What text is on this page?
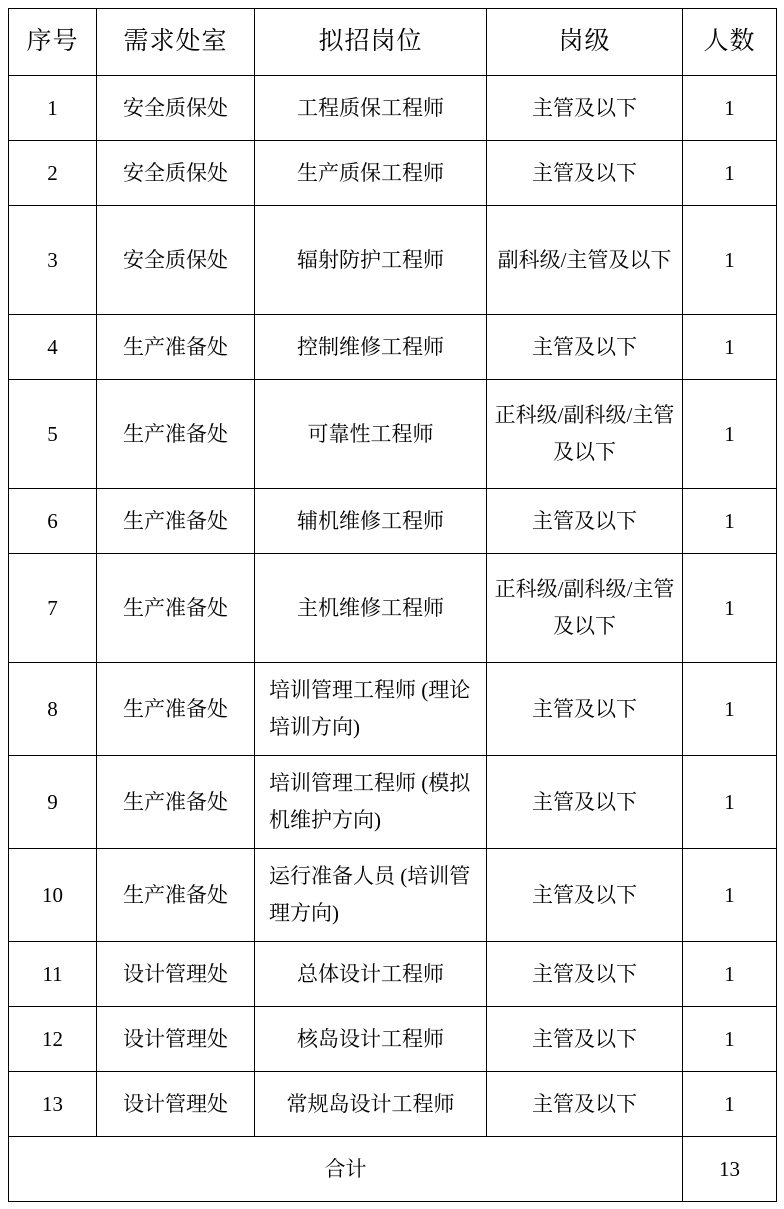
序号	需求处室	拟招岗位	岗级	人数
1	安全质保处	工程质保工程师	主管及以下	1
2	安全质保处	生产质保工程师	主管及以下	1
3	安全质保处	辐射防护工程师	副科级/主管及以下	1
4	生产准备处	控制维修工程师	主管及以下	1
5	生产准备处	可靠性工程师	正科级/副科级/主管及以下	1
6	生产准备处	辅机维修工程师	主管及以下	1
7	生产准备处	主机维修工程师	正科级/副科级/主管及以下	1
8	生产准备处	培训管理工程师 (理论培训方向)	主管及以下	1
9	生产准备处	培训管理工程师 (模拟机维护方向)	主管及以下	1
10	生产准备处	运行准备人员 (培训管理方向)	主管及以下	1
11	设计管理处	总体设计工程师	主管及以下	1
12	设计管理处	核岛设计工程师	主管及以下	1
13	设计管理处	常规岛设计工程师	主管及以下	1
合计				13
